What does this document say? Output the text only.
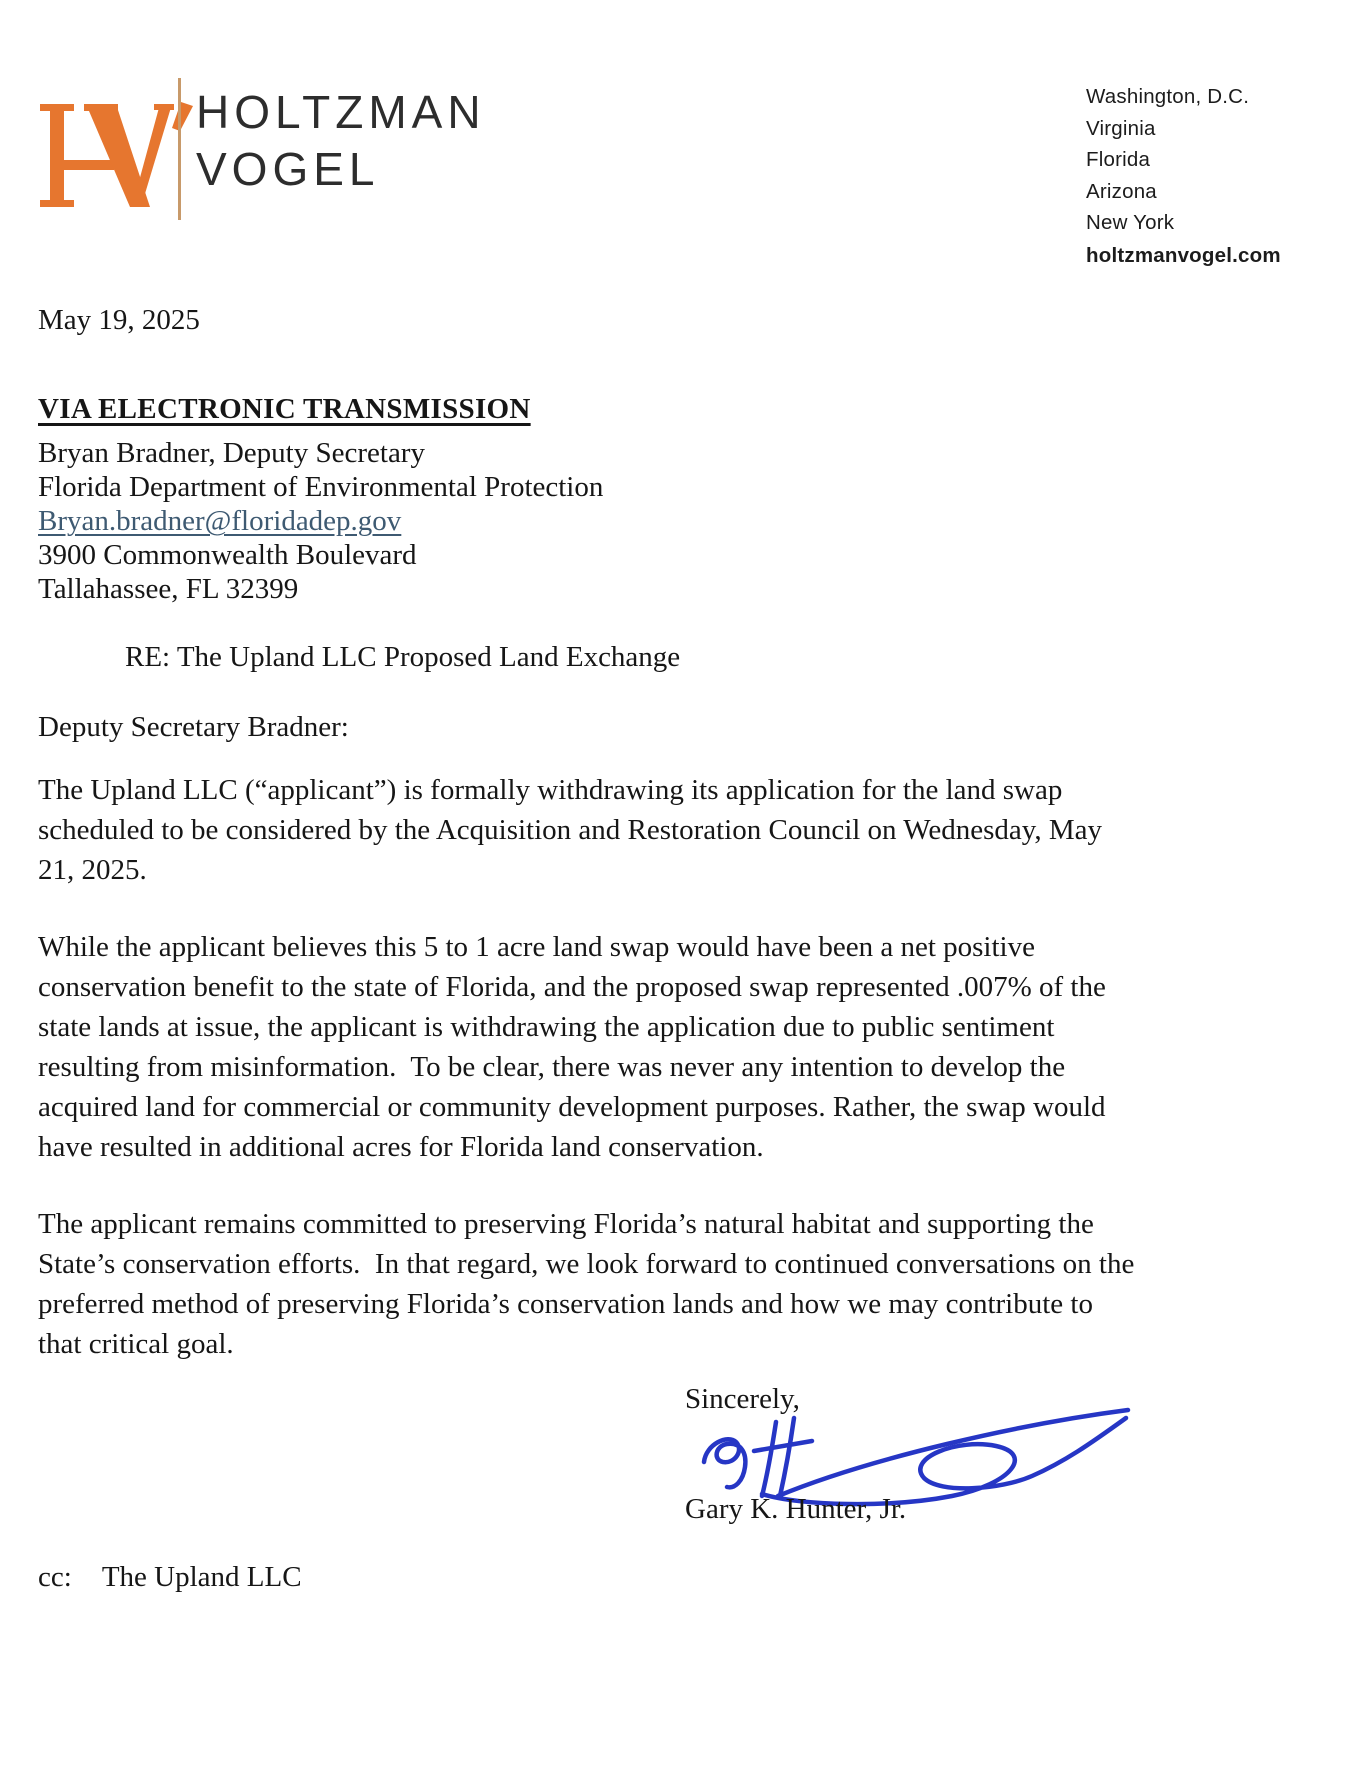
HOLTZMAN
VOGEL
Washington, D.C.
Virginia
Florida
Arizona
New York
holtzmanvogel.com
May 19, 2025
VIA ELECTRONIC TRANSMISSION
Bryan Bradner, Deputy Secretary
Florida Department of Environmental Protection
Bryan.bradner@floridadep.gov
3900 Commonwealth Boulevard
Tallahassee, FL 32399
RE: The Upland LLC Proposed Land Exchange
Deputy Secretary Bradner:

The Upland LLC (“applicant”) is formally withdrawing its application for the land swap scheduled to be considered by the Acquisition and Restoration Council on Wednesday, May 21, 2025.

While the applicant believes this 5 to 1 acre land swap would have been a net positive conservation benefit to the state of Florida, and the proposed swap represented .007% of the state lands at issue, the applicant is withdrawing the application due to public sentiment resulting from misinformation.  To be clear, there was never any intention to develop the acquired land for commercial or community development purposes. Rather, the swap would have resulted in additional acres for Florida land conservation.

The applicant remains committed to preserving Florida’s natural habitat and supporting the State’s conservation efforts.  In that regard, we look forward to continued conversations on the preferred method of preserving Florida’s conservation lands and how we may contribute to that critical goal.

Sincerely,
Gary K. Hunter, Jr.
cc: The Upland LLC
